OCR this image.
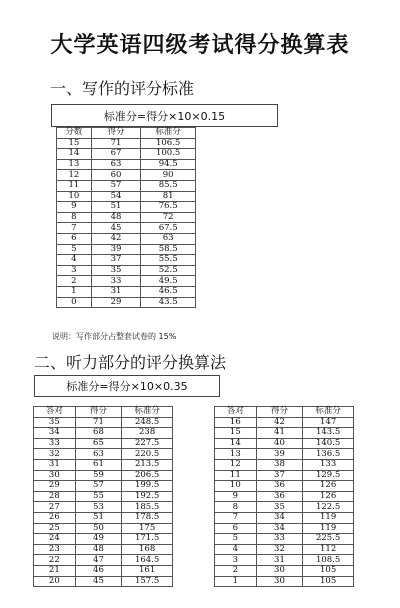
大学英语四级考试得分换算表
一、写作的评分标准
标准分=得分×10×0.15
分数	得分	标准分
15	71	106.5
14	67	100.5
13	63	94.5
12	60	90
11	57	85.5
10	54	81
9	51	76.5
8	48	72
7	45	67.5
6	42	63
5	39	58.5
4	37	55.5
3	35	52.5
2	33	49.5
1	31	46.5
0	29	43.5
说明：写作部分占整套试卷的 15%
二、听力部分的评分换算法
标准分=得分×10×0.35
答对	得分	标准分
35	71	248.5
34	68	238
33	65	227.5
32	63	220.5
31	61	213.5
30	59	206.5
29	57	199.5
28	55	192.5
27	53	185.5
26	51	178.5
25	50	175
24	49	171.5
23	48	168
22	47	164.5
21	46	161
20	45	157.5
答对	得分	标准分
16	42	147
15	41	143.5
14	40	140.5
13	39	136.5
12	38	133
11	37	129.5
10	36	126
9	36	126
8	35	122.5
7	34	119
6	34	119
5	33	225.5
4	32	112
3	31	108.5
2	30	105
1	30	105
